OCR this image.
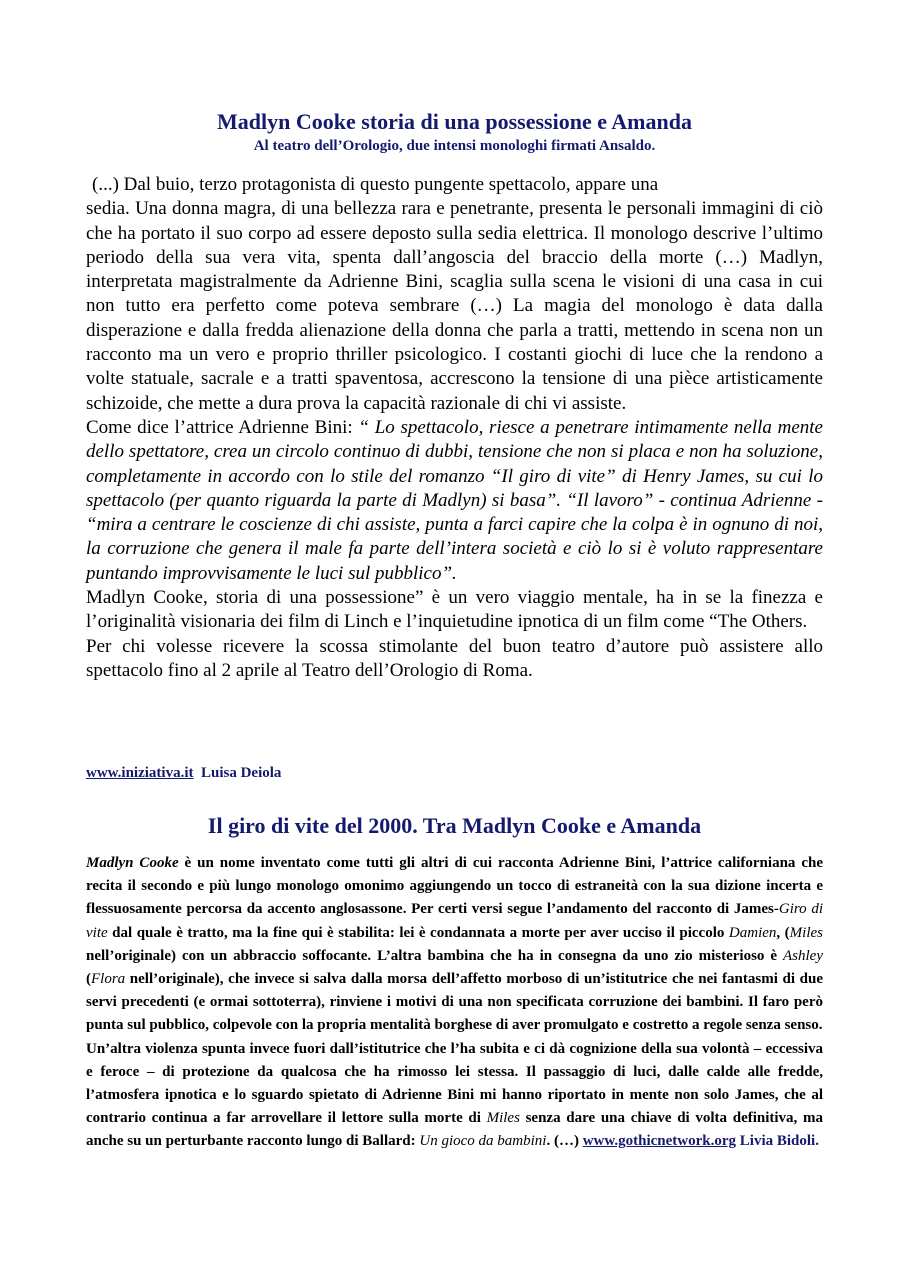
Madlyn Cooke storia di una possessione e Amanda
Al teatro dell’Orologio, due intensi monologhi firmati Ansaldo.

(...) Dal buio, terzo protagonista di questo pungente spettacolo, appare una

sedia. Una donna magra, di una bellezza rara e penetrante, presenta le personali immagini di ciò che ha portato il suo corpo ad essere deposto sulla sedia elettrica. Il monologo descrive l’ultimo periodo della sua vera vita, spenta dall’angoscia del braccio della morte (…) Madlyn, interpretata magistralmente da Adrienne Bini, scaglia sulla scena le visioni di una casa in cui non tutto era perfetto come poteva sembrare (…) La magia del monologo è data dalla disperazione e dalla fredda alienazione della donna che parla a tratti, mettendo in scena non un racconto ma un vero e proprio thriller psicologico. I costanti giochi di luce che la rendono a volte statuale, sacrale e a tratti spaventosa, accrescono la tensione di una pièce artisticamente schizoide, che mette a dura prova la capacità razionale di chi vi assiste.

Come dice l’attrice Adrienne Bini: “ Lo spettacolo, riesce a penetrare intimamente nella mente dello spettatore, crea un circolo continuo di dubbi, tensione che non si placa e non ha soluzione, completamente in accordo con lo stile del romanzo “Il giro di vite” di Henry James, su cui lo spettacolo (per quanto riguarda la parte di Madlyn) si basa”. “Il lavoro” - continua Adrienne - “mira a centrare le coscienze di chi assiste, punta a farci capire che la colpa è in ognuno di noi, la corruzione che genera il male fa parte dell’intera società e ciò lo si è voluto rappresentare puntando improvvisamente le luci sul pubblico”.

Madlyn Cooke, storia di una possessione” è un vero viaggio mentale, ha in se la finezza e l’originalità visionaria dei film di Linch e l’inquietudine ipnotica di un film come “The Others.

Per chi volesse ricevere la scossa stimolante del buon teatro d’autore può assistere allo spettacolo fino al 2 aprile al Teatro dell’Orologio di Roma.

www.iniziativa.it Luisa Deiola
Il giro di vite del 2000. Tra Madlyn Cooke e Amanda

Madlyn Cooke è un nome inventato come tutti gli altri di cui racconta Adrienne Bini, l’attrice californiana che recita il secondo e più lungo monologo omonimo aggiungendo un tocco di estraneità con la sua dizione incerta e flessuosamente percorsa da accento anglosassone. Per certi versi segue l’andamento del racconto di James-Giro di vite dal quale è tratto, ma la fine qui è stabilita: lei è condannata a morte per aver ucciso il piccolo Damien, (Miles nell’originale) con un abbraccio soffocante. L’altra bambina che ha in consegna da uno zio misterioso è Ashley (Flora nell’originale), che invece si salva dalla morsa dell’affetto morboso di un’istitutrice che nei fantasmi di due servi precedenti (e ormai sottoterra), rinviene i motivi di una non specificata corruzione dei bambini. Il faro però punta sul pubblico, colpevole con la propria mentalità borghese di aver promulgato e costretto a regole senza senso.

Un’altra violenza spunta invece fuori dall’istitutrice che l’ha subita e ci dà cognizione della sua volontà – eccessiva e feroce – di protezione da qualcosa che ha rimosso lei stessa. Il passaggio di luci, dalle calde alle fredde, l’atmosfera ipnotica e lo sguardo spietato di Adrienne Bini mi hanno riportato in mente non solo James, che al contrario continua a far arrovellare il lettore sulla morte di Miles senza dare una chiave di volta definitiva, ma anche su un perturbante racconto lungo di Ballard: Un gioco da bambini. (…) www.gothicnetwork.org Livia Bidoli.
